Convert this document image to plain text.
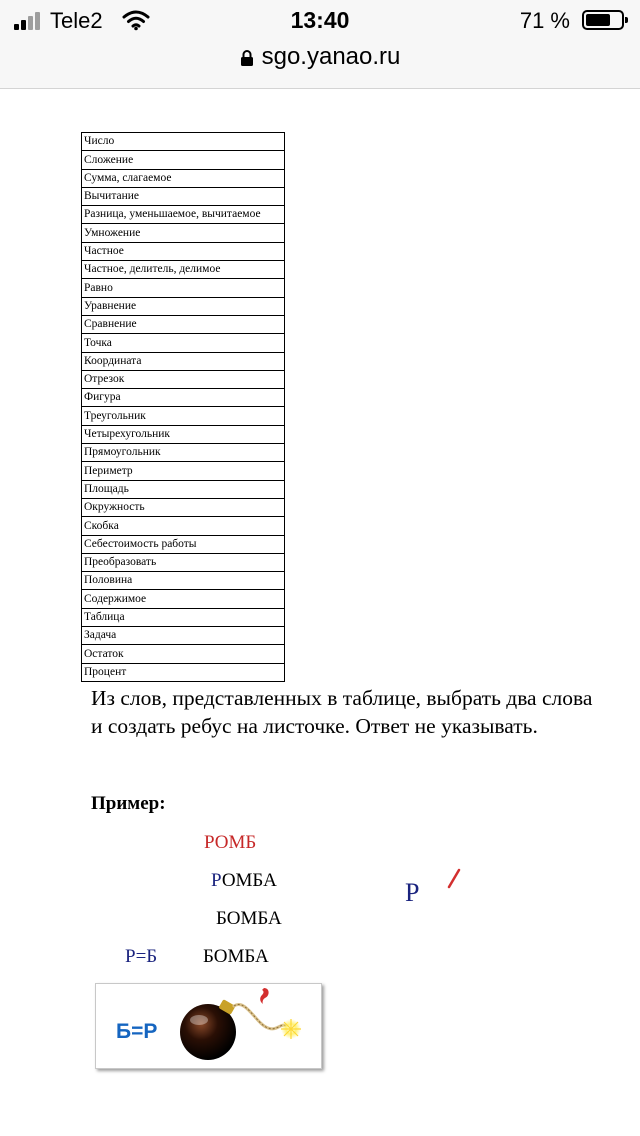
Tele2	13:40	71 %
sgo.yanao.ru
Число
Сложение
Сумма, слагаемое
Вычитание
Разница, уменьшаемое, вычитаемое
Умножение
Частное
Частное, делитель, делимое
Равно
Уравнение
Сравнение
Точка
Координата
Отрезок
Фигура
Треугольник
Четырехугольник
Прямоугольник
Периметр
Площадь
Окружность
Скобка
Себестоимость работы
Преобразовать
Половина
Содержимое
Таблица
Задача
Остаток
Процент
Из слов, представленных в таблице, выбрать два слова и создать ребус на листочке. Ответ не указывать.
Пример:
РОМБ
РОМБА
БОМБА
Р=Б БОМБА
Р
Б=Р
